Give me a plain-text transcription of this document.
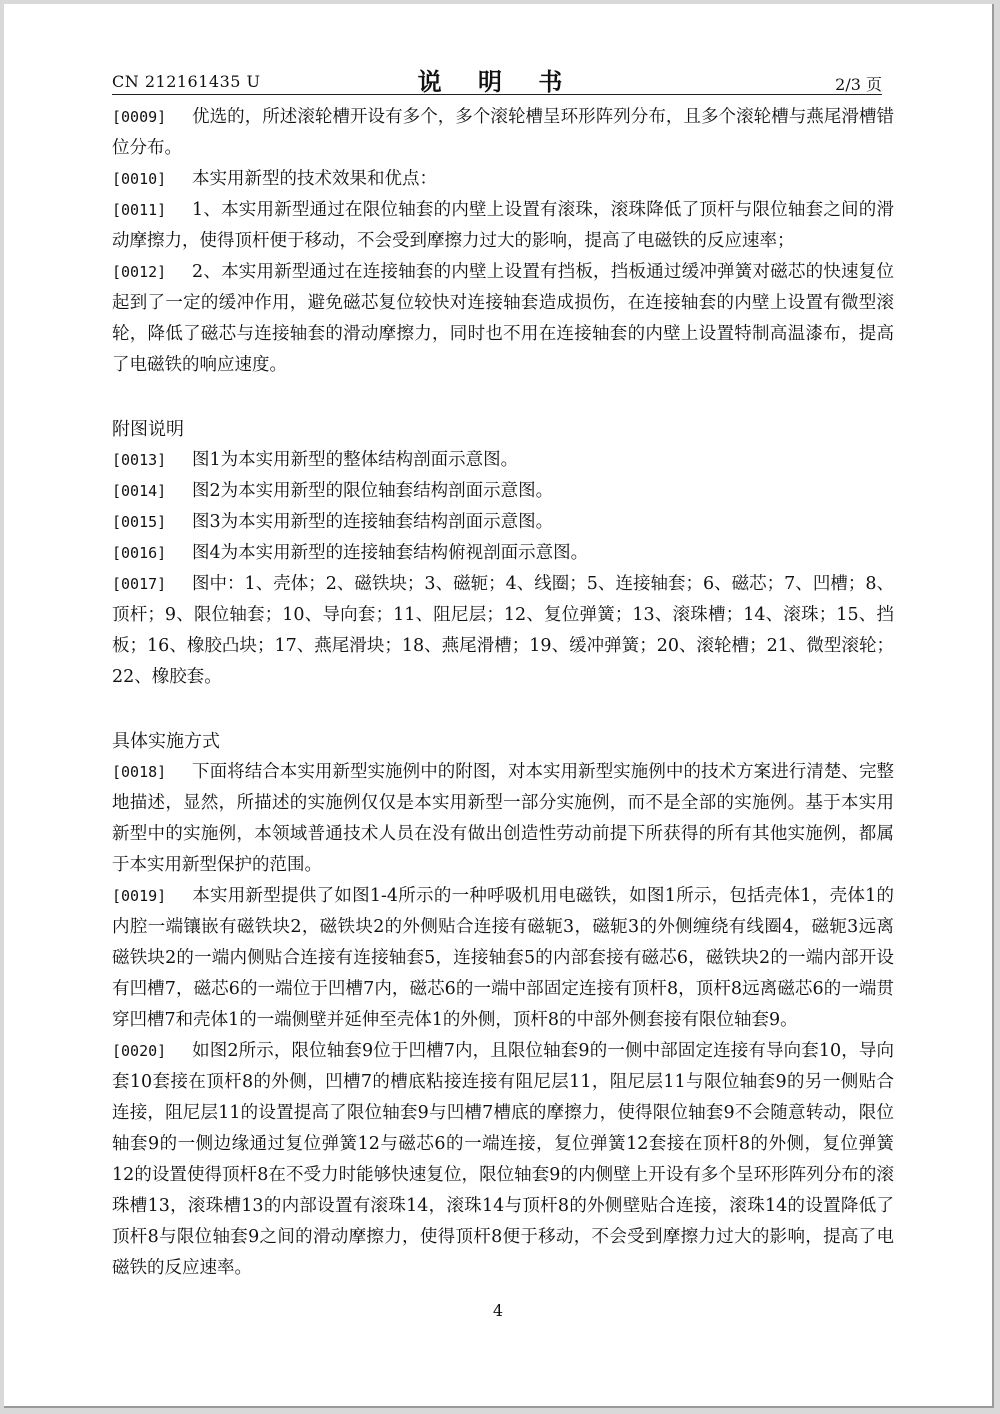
CN 212161435 U	说 明 书	2/3 页

[0009] 优选的，所述滚轮槽开设有多个，多个滚轮槽呈环形阵列分布，且多个滚轮槽与燕尾滑槽错位分布。

[0010] 本实用新型的技术效果和优点：

[0011] 1、本实用新型通过在限位轴套的内壁上设置有滚珠，滚珠降低了顶杆与限位轴套之间的滑动摩擦力，使得顶杆便于移动，不会受到摩擦力过大的影响，提高了电磁铁的反应速率；

[0012] 2、本实用新型通过在连接轴套的内壁上设置有挡板，挡板通过缓冲弹簧对磁芯的快速复位起到了一定的缓冲作用，避免磁芯复位较快对连接轴套造成损伤，在连接轴套的内壁上设置有微型滚轮，降低了磁芯与连接轴套的滑动摩擦力，同时也不用在连接轴套的内壁上设置特制高温漆布，提高了电磁铁的响应速度。

附图说明

[0013] 图1为本实用新型的整体结构剖面示意图。

[0014] 图2为本实用新型的限位轴套结构剖面示意图。

[0015] 图3为本实用新型的连接轴套结构剖面示意图。

[0016] 图4为本实用新型的连接轴套结构俯视剖面示意图。

[0017] 图中：1、壳体；2、磁铁块；3、磁轭；4、线圈；5、连接轴套；6、磁芯；7、凹槽；8、顶杆；9、限位轴套；10、导向套；11、阻尼层；12、复位弹簧；13、滚珠槽；14、滚珠；15、挡板；16、橡胶凸块；17、燕尾滑块；18、燕尾滑槽；19、缓冲弹簧；20、滚轮槽；21、微型滚轮；22、橡胶套。

具体实施方式

[0018] 下面将结合本实用新型实施例中的附图，对本实用新型实施例中的技术方案进行清楚、完整地描述，显然，所描述的实施例仅仅是本实用新型一部分实施例，而不是全部的实施例。基于本实用新型中的实施例，本领域普通技术人员在没有做出创造性劳动前提下所获得的所有其他实施例，都属于本实用新型保护的范围。

[0019] 本实用新型提供了如图1-4所示的一种呼吸机用电磁铁，如图1所示，包括壳体1，壳体1的内腔一端镶嵌有磁铁块2，磁铁块2的外侧贴合连接有磁轭3，磁轭3的外侧缠绕有线圈4，磁轭3远离磁铁块2的一端内侧贴合连接有连接轴套5，连接轴套5的内部套接有磁芯6，磁铁块2的一端内部开设有凹槽7，磁芯6的一端位于凹槽7内，磁芯6的一端中部固定连接有顶杆8，顶杆8远离磁芯6的一端贯穿凹槽7和壳体1的一端侧壁并延伸至壳体1的外侧，顶杆8的中部外侧套接有限位轴套9。

[0020] 如图2所示，限位轴套9位于凹槽7内，且限位轴套9的一侧中部固定连接有导向套10，导向套10套接在顶杆8的外侧，凹槽7的槽底粘接连接有阻尼层11，阻尼层11与限位轴套9的另一侧贴合连接，阻尼层11的设置提高了限位轴套9与凹槽7槽底的摩擦力，使得限位轴套9不会随意转动，限位轴套9的一侧边缘通过复位弹簧12与磁芯6的一端连接，复位弹簧12套接在顶杆8的外侧，复位弹簧12的设置使得顶杆8在不受力时能够快速复位，限位轴套9的内侧壁上开设有多个呈环形阵列分布的滚珠槽13，滚珠槽13的内部设置有滚珠14，滚珠14与顶杆8的外侧壁贴合连接，滚珠14的设置降低了顶杆8与限位轴套9之间的滑动摩擦力，使得顶杆8便于移动，不会受到摩擦力过大的影响，提高了电磁铁的反应速率。

4
